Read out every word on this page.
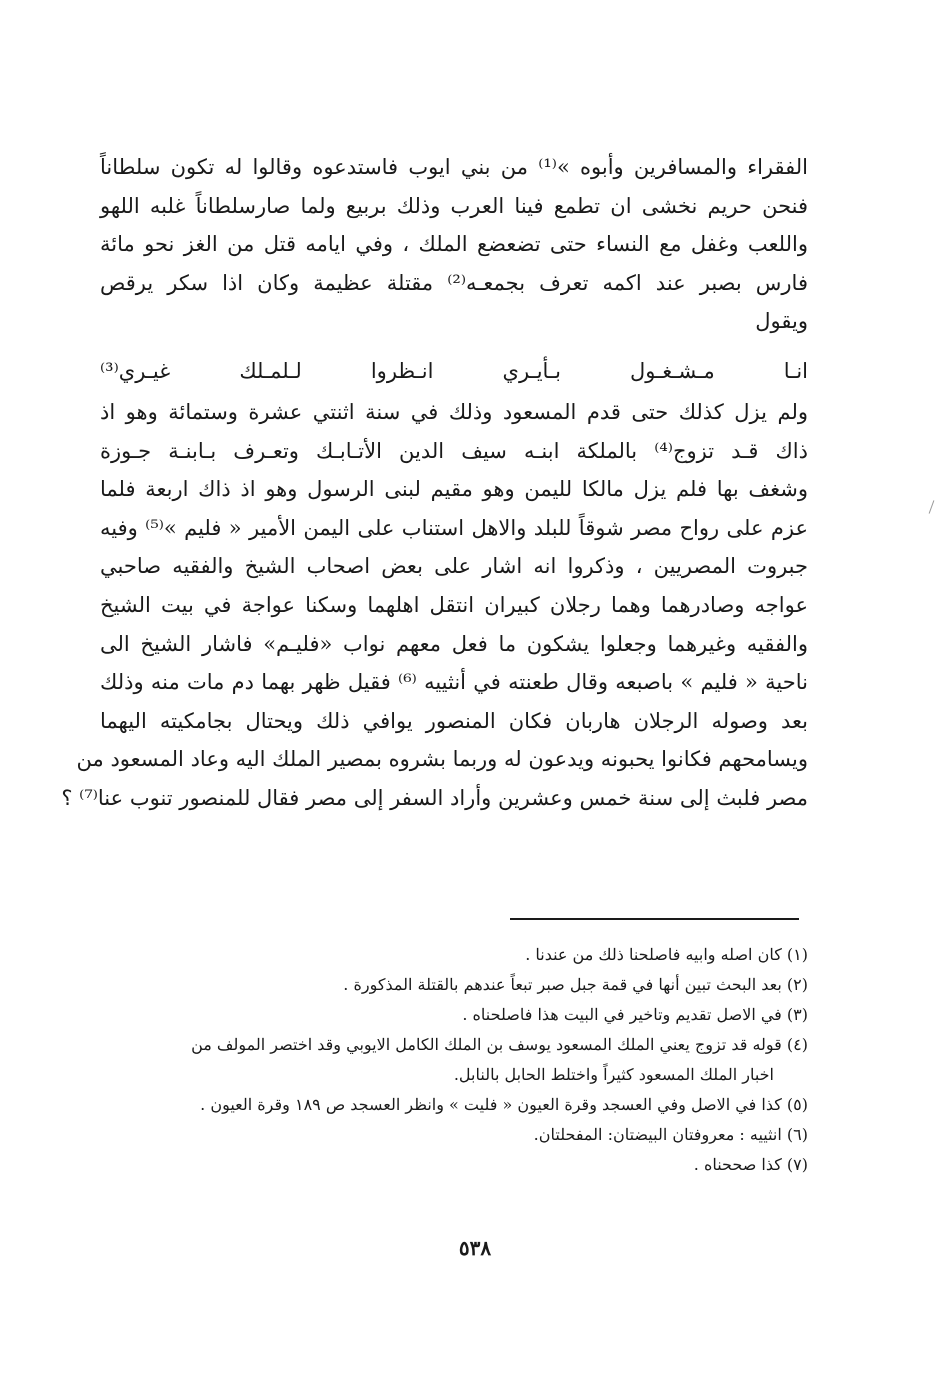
الفقراء والمسافرين وأبوه »⁽¹⁾ من بني ايوب فاستدعوه وقالوا له تكون سلطاناً
فنحن حريم نخشى ان تطمع فينا العرب وذلك بربيع ولما صارسلطاناً غلبه اللهو
واللعب وغفل مع النساء حتى تضعضع الملك ، وفي ايامه قتل من الغز نحو مائة
فارس بصبر عند اكمه تعرف بجمعـه⁽²⁾ مقتلة عظيمة وكان اذا سكر يرقص
ويقول
انـا مـشـغـول بـأيـري انـظروا لـلمـلك غيـري⁽³⁾
ولم يزل كذلك حتى قدم المسعود وذلك في سنة اثنتي عشرة وستمائة وهو اذ
ذاك قـد تزوج⁽⁴⁾ بالملكة ابنـه سيف الدين الأتـابـك وتعـرف بـابنـة جـوزة
وشغف بها فلم يزل مالكا لليمن وهو مقيم لبنى الرسول وهو اذ ذاك اربعة فلما
عزم على رواح مصر شوقاً للبلد والاهل استناب على اليمن الأمير « فليم »⁽⁵⁾ وفيه
جبروت المصريين ، وذكروا انه اشار على بعض اصحاب الشيخ والفقيه صاحبي
عواجه وصادرهما وهما رجلان كبيران انتقل اهلهما وسكنا عواجة في بيت الشيخ
والفقيه وغيرهما وجعلوا يشكون ما فعل معهم نواب «فليـم» فاشار الشيخ الى
ناحية « فليم » باصبعه وقال طعنته في أنثييه ⁽⁶⁾ فقيل ظهر بهما دم مات منه وذلك
بعد وصوله الرجلان هاربان فكان المنصور يوافي ذلك ويحتال بجامكيته اليهما
ويسامحهم فكانوا يحبونه ويدعون له وربما بشروه بمصير الملك اليه وعاد المسعود من
مصر فلبث إلى سنة خمس وعشرين وأراد السفر إلى مصر فقال للمنصور تنوب عنا⁽⁷⁾ ؟
(١) كان اصله وابيه فاصلحنا ذلك من عندنا .
(٢) بعد البحث تبين أنها في قمة جبل صبر تبعاً عندهم بالقتلة المذكورة .
(٣) في الاصل تقديم وتاخير في البيت هذا فاصلحناه .
(٤) قوله قد تزوج يعني الملك المسعود يوسف بن الملك الكامل الايوبي وقد اختصر المولف من
اخبار الملك المسعود كثيراً واختلط الحابل بالنابل.
(٥) كذا في الاصل وفي العسجد وقرة العيون « فليت » وانظر العسجد ص ١٨٩ وقرة العيون .
(٦) انثييه : معروفتان البيضتان: المفحلتان.
(٧) كذا صححناه .
٥٣٨
